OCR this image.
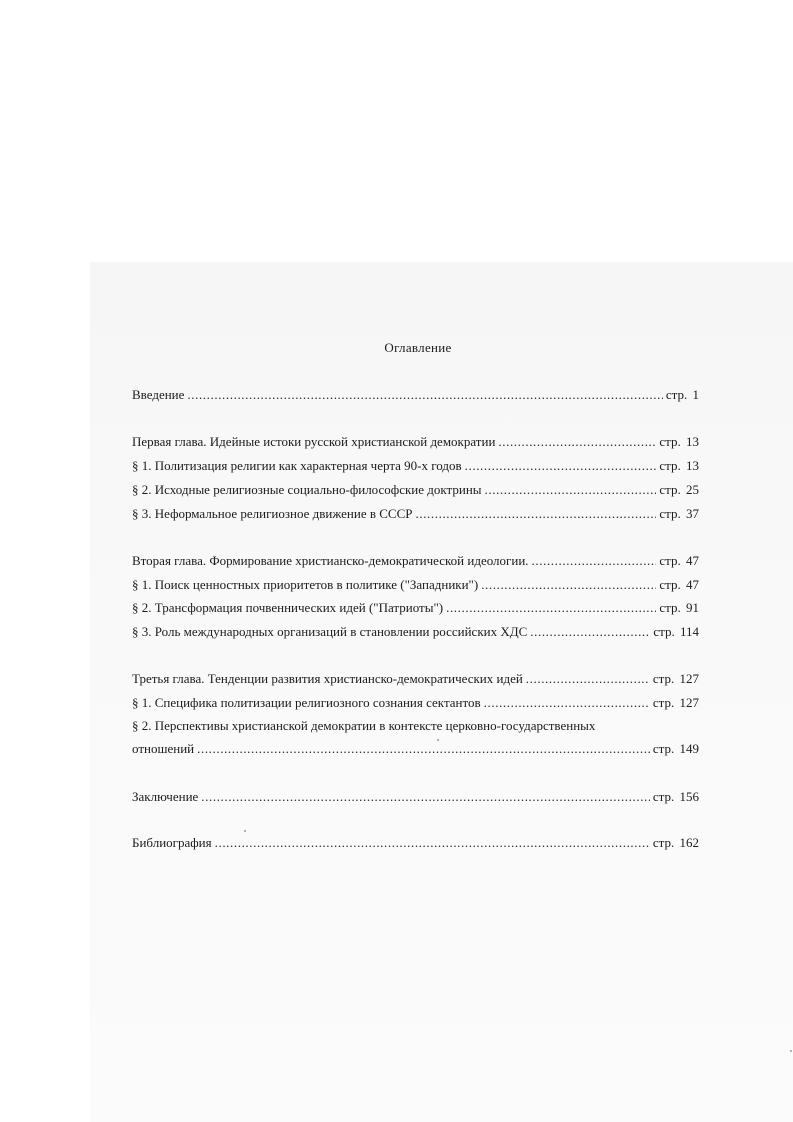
Оглавление
Введение .....	стр. 1
Первая глава. Идейные истоки русской христианской демократии .....	стр. 13
§ 1. Политизация религии как характерная черта 90-х годов .....	стр. 13
§ 2. Исходные религиозные социально-философские доктрины .....	стр. 25
§ 3. Неформальное религиозное движение в СССР .....	стр. 37
Вторая глава. Формирование христианско-демократической идеологии. .....	стр. 47
§ 1. Поиск ценностных приоритетов в политике ("Западники") .....	стр. 47
§ 2. Трансформация почвеннических идей ("Патриоты") .....	стр. 91
§ 3. Роль международных организаций в становлении российских ХДС .....	стр. 114
Третья глава. Тенденции развития христианско-демократических идей .....	стр. 127
§ 1. Специфика политизации религиозного сознания сектантов .....	стр. 127
§ 2. Перспективы христианской демократии в контексте церковно-государственных
отношений .....	стр. 149
Заключение .....	стр. 156
Библиография .....	стр. 162
